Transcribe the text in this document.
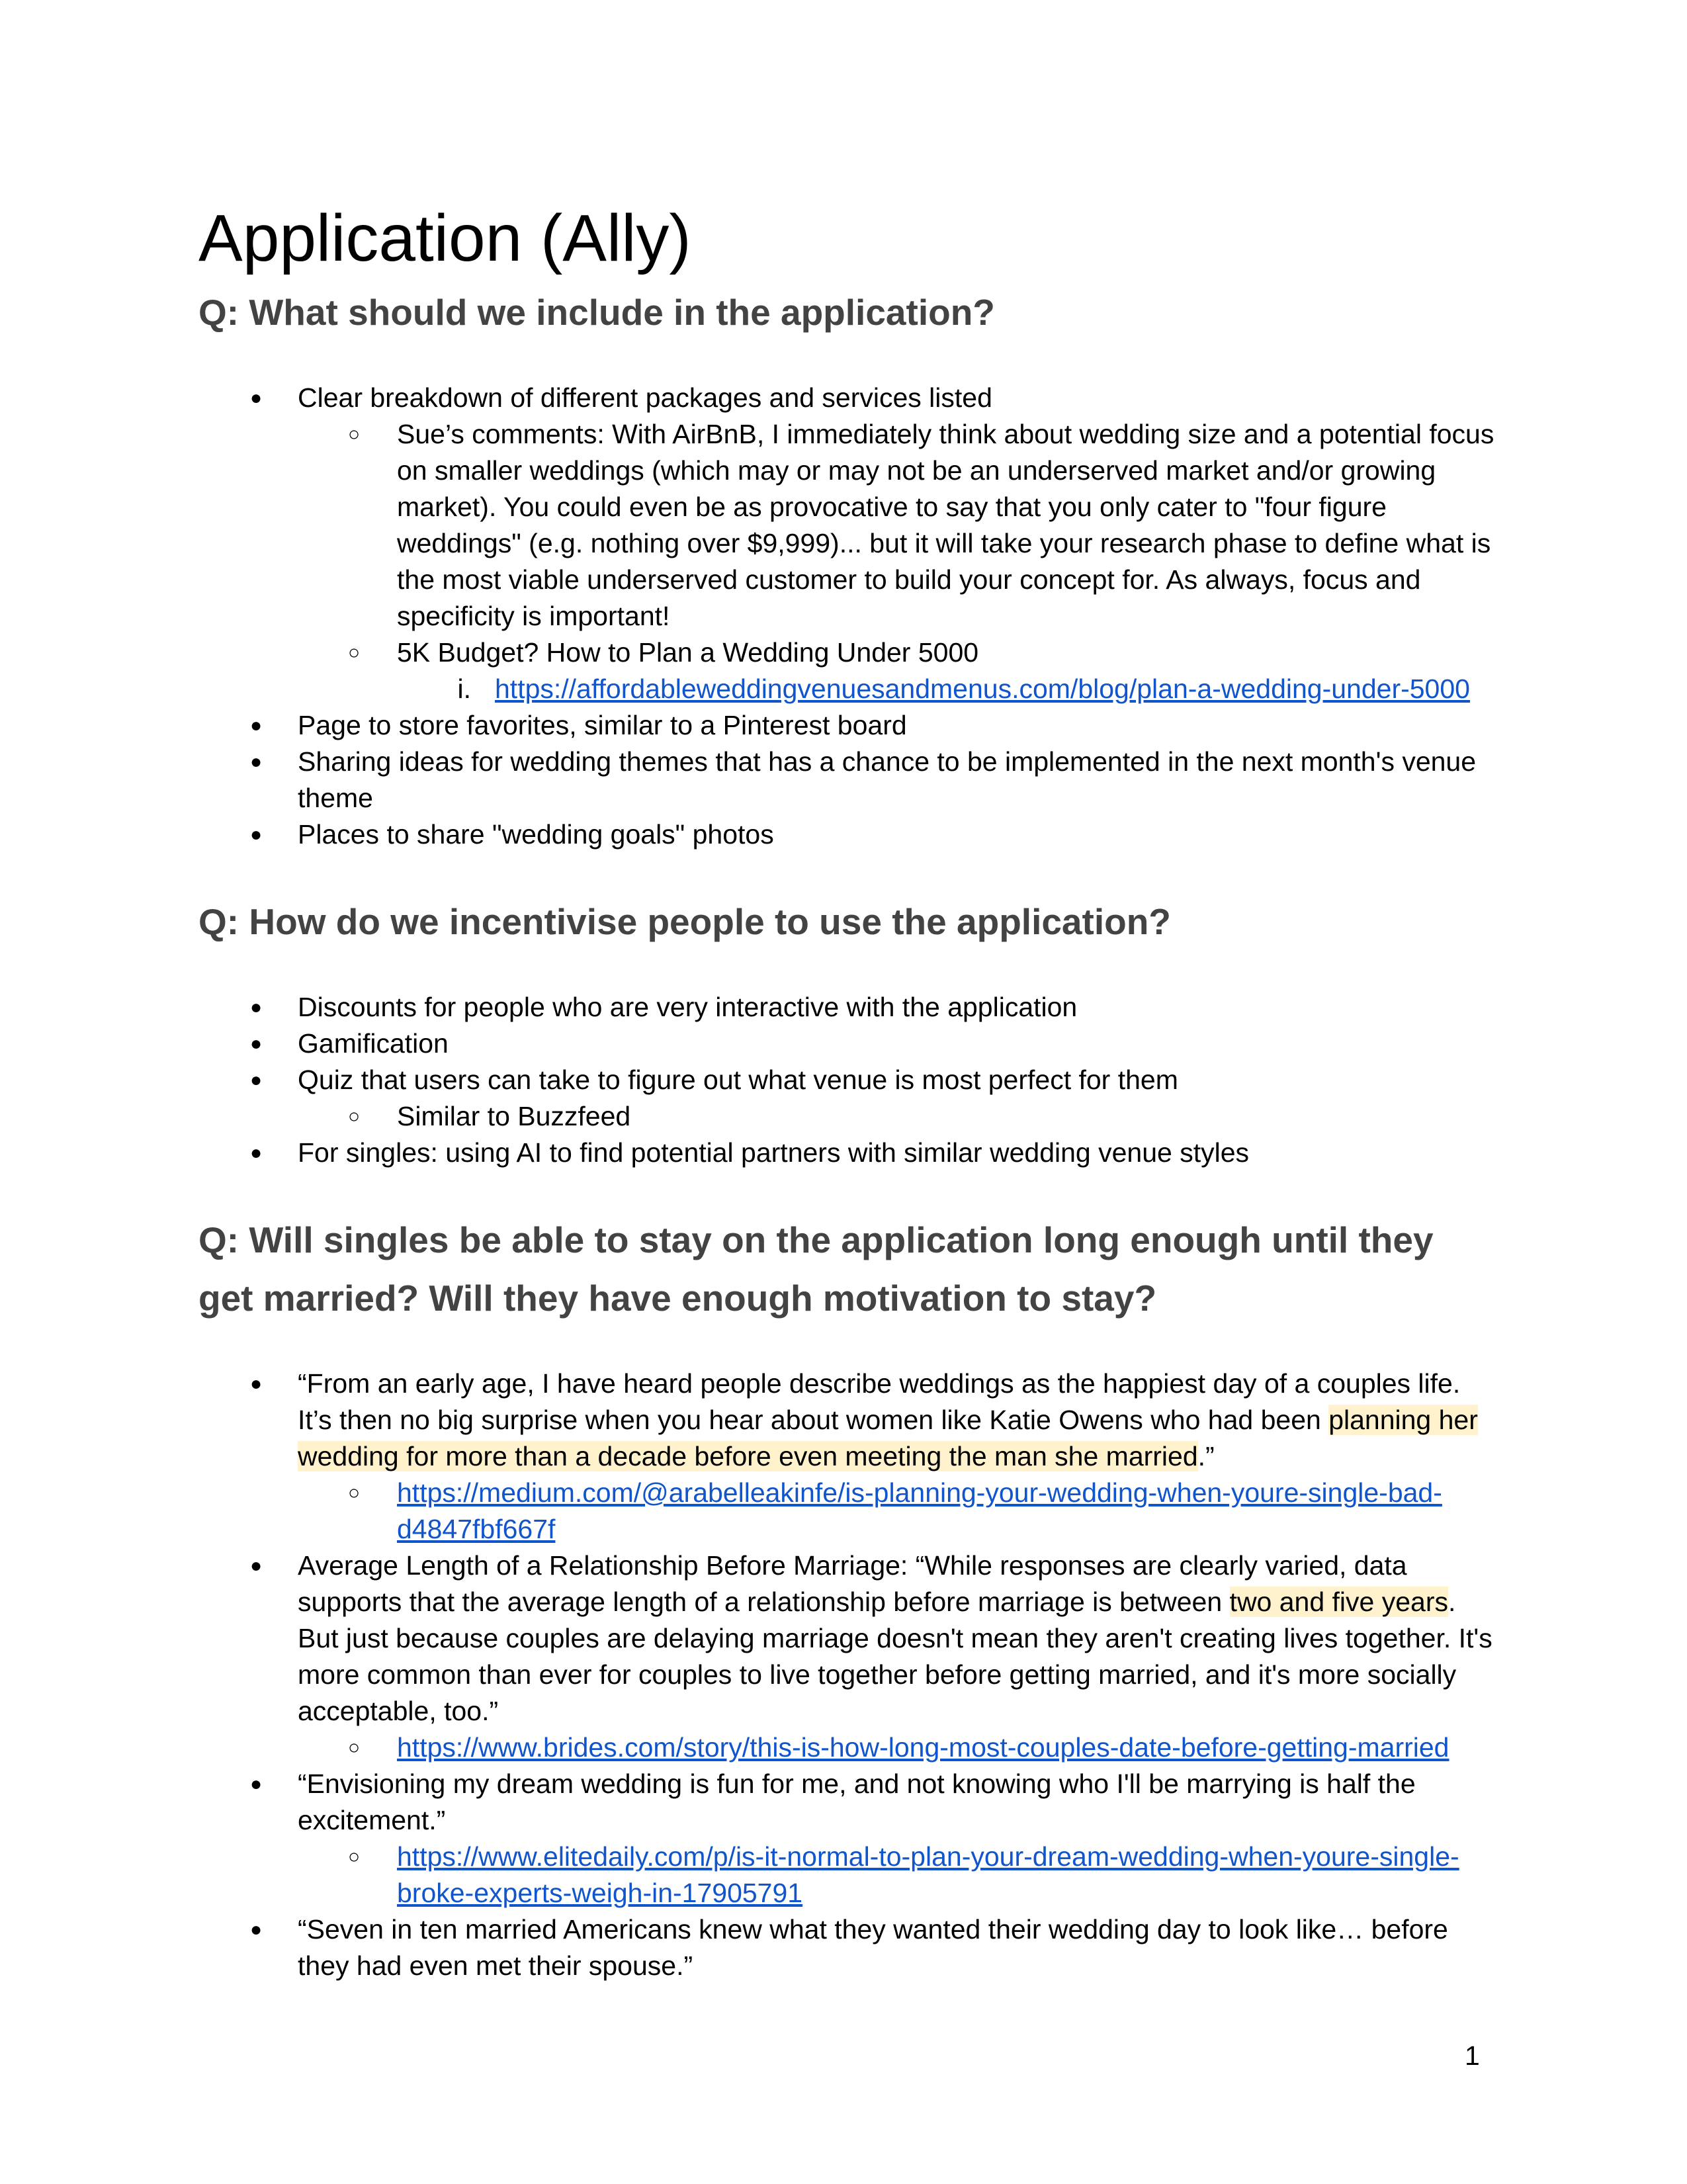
Application (Ally)
Q: What should we include in the application?
● Clear breakdown of different packages and services listed
○ Sue’s comments: With AirBnB, I immediately think about wedding size and a potential focus on smaller weddings (which may or may not be an underserved market and/or growing market). You could even be as provocative to say that you only cater to "four figure weddings" (e.g. nothing over $9,999)... but it will take your research phase to define what is the most viable underserved customer to build your concept for. As always, focus and specificity is important!
○ 5K Budget? How to Plan a Wedding Under 5000
i. https://affordableweddingvenuesandmenus.com/blog/plan-a-wedding-under-5000
● Page to store favorites, similar to a Pinterest board
● Sharing ideas for wedding themes that has a chance to be implemented in the next month's venue theme
● Places to share "wedding goals" photos
Q: How do we incentivise people to use the application?
● Discounts for people who are very interactive with the application
● Gamification
● Quiz that users can take to figure out what venue is most perfect for them
○ Similar to Buzzfeed
● For singles: using AI to find potential partners with similar wedding venue styles
Q: Will singles be able to stay on the application long enough until they get married? Will they have enough motivation to stay?
● “From an early age, I have heard people describe weddings as the happiest day of a couples life. It’s then no big surprise when you hear about women like Katie Owens who had been planning her wedding for more than a decade before even meeting the man she married.”
○ https://medium.com/@arabelleakinfe/is-planning-your-wedding-when-youre-single-bad-d4847fbf667f
● Average Length of a Relationship Before Marriage: “While responses are clearly varied, data supports that the average length of a relationship before marriage is between two and five years. But just because couples are delaying marriage doesn't mean they aren't creating lives together. It's more common than ever for couples to live together before getting married, and it's more socially acceptable, too.”
○ https://www.brides.com/story/this-is-how-long-most-couples-date-before-getting-married
● “Envisioning my dream wedding is fun for me, and not knowing who I'll be marrying is half the excitement.”
○ https://www.elitedaily.com/p/is-it-normal-to-plan-your-dream-wedding-when-youre-single-broke-experts-weigh-in-17905791
● “Seven in ten married Americans knew what they wanted their wedding day to look like… before they had even met their spouse.”
1
